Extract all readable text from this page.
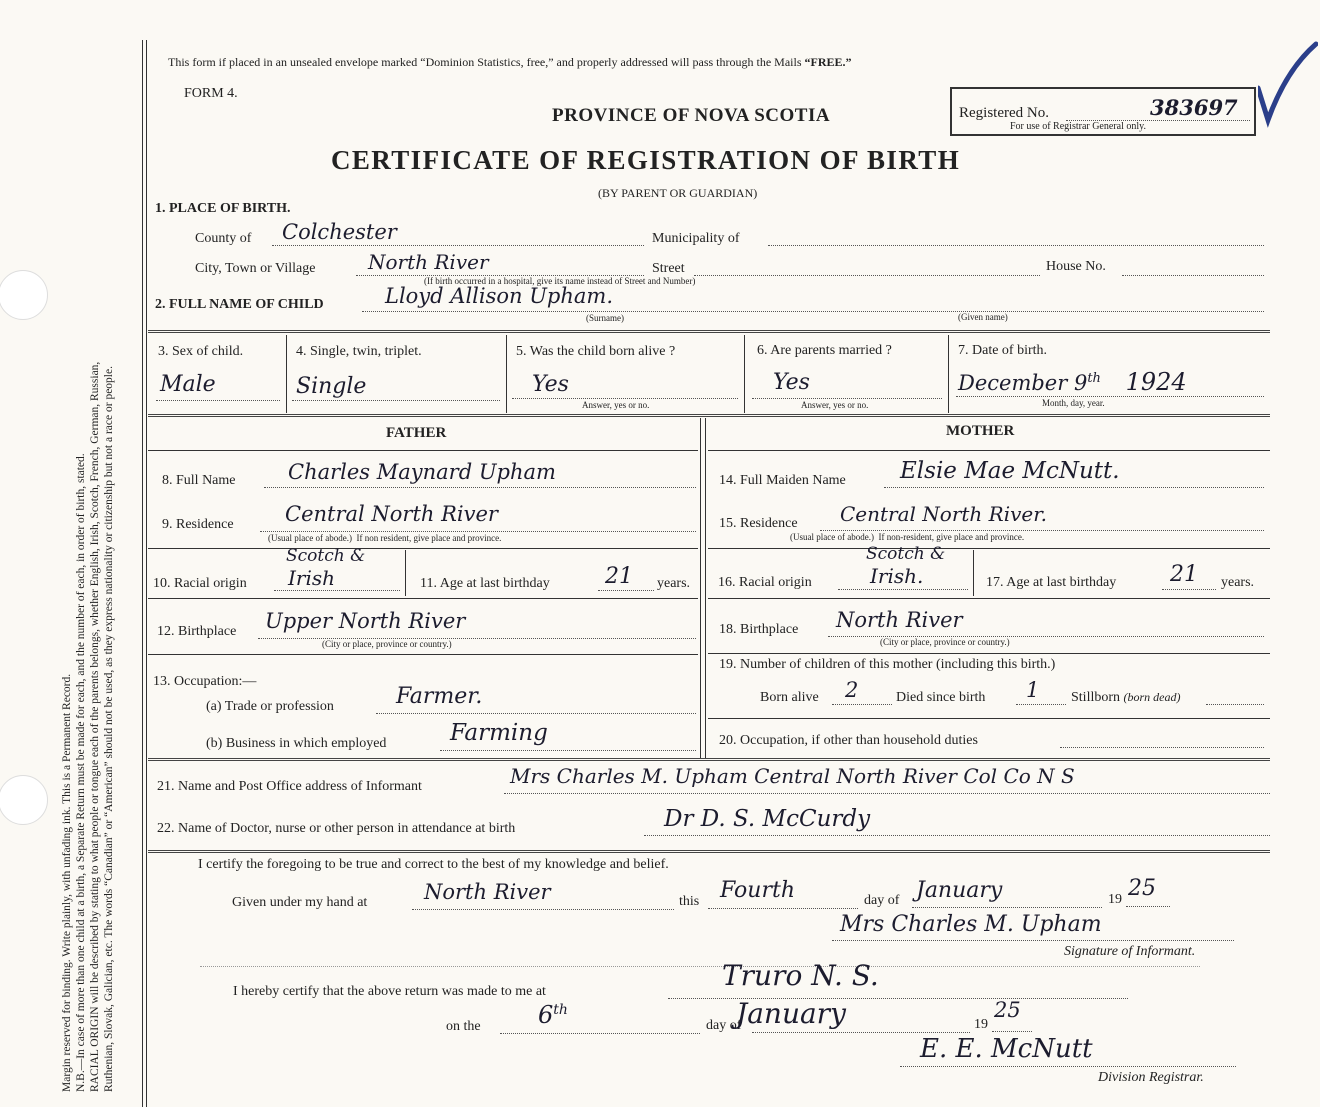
Margin reserved for binding. Write plainly, with unfading ink. This is a Permanent Record. N.B.—In case of more than one child at a birth, a Separate Return must be made for each, and the number of each, in order of birth, stated. RACIAL ORIGIN will be described by stating to what people or tongue each of the parents belongs, whether English, Irish, Scotch, French, German, Russian, Ruthenian, Slovak, Galician, etc. The words “Canadian” or “American” should not be used, as they express nationality or citizenship but not a race or people.
This form if placed in an unsealed envelope marked “Dominion Statistics, free,” and properly addressed will pass through the Mails “FREE.”
FORM 4.
PROVINCE OF NOVA SCOTIA	Registered No.	383697
For use of Registrar General only.
CERTIFICATE OF REGISTRATION OF BIRTH
(BY PARENT OR GUARDIAN)
1. PLACE OF BIRTH.
County of Colchester	Municipality of
City, Town or Village	North River	Street	House No.
(If birth occurred in a hospital, give its name instead of Street and Number)
2. FULL NAME OF CHILD	Lloyd Allison Upham.
(Surname)	(Given name)
3. Sex of child.
Male
4. Single, twin, triplet.
Single
5. Was the child born alive ?
Yes
Answer, yes or no.
6. Are parents married ?
Yes
Answer, yes or no.
7. Date of birth.
December 9th 1924
Month, day, year.
FATHER	MOTHER
8. Full Name	Charles Maynard Upham
9. Residence Central North River
(Usual place of abode.) If non resident, give place and province.
Scotch &
10. Racial origin Irish	11. Age at last birthday	21 years.
12. Birthplace Upper North River
(City or place, province or country.)
13. Occupation:—
(a) Trade or profession	Farmer.
(b) Business in which employed	Farming
14. Full Maiden Name Elsie Mae McNutt.
15. Residence Central North River.
(Usual place of abode.) If non-resident, give place and province.
Scotch &
16. Racial origin	Irish.	17. Age at last birthday 21 years.
18. Birthplace North River
(City or place, province or country.)
19. Number of children of this mother (including this birth.)
Born alive 2	Died since birth 1 Stillborn (born dead)
20. Occupation, if other than household duties
21. Name and Post Office address of Informant	Mrs Charles M. Upham Central North River Col Co N S
22. Name of Doctor, nurse or other person in attendance at birth	Dr D. S. McCurdy
I certify the foregoing to be true and correct to the best of my knowledge and belief.
Given under my hand at	North River	this Fourth	day of January	19 25
Mrs Charles M. Upham
Signature of Informant.
I hereby certify that the above return was made to me at	Truro N. S.
on the 6th
day of
January	19
25
E. E. McNutt
Division Registrar.
